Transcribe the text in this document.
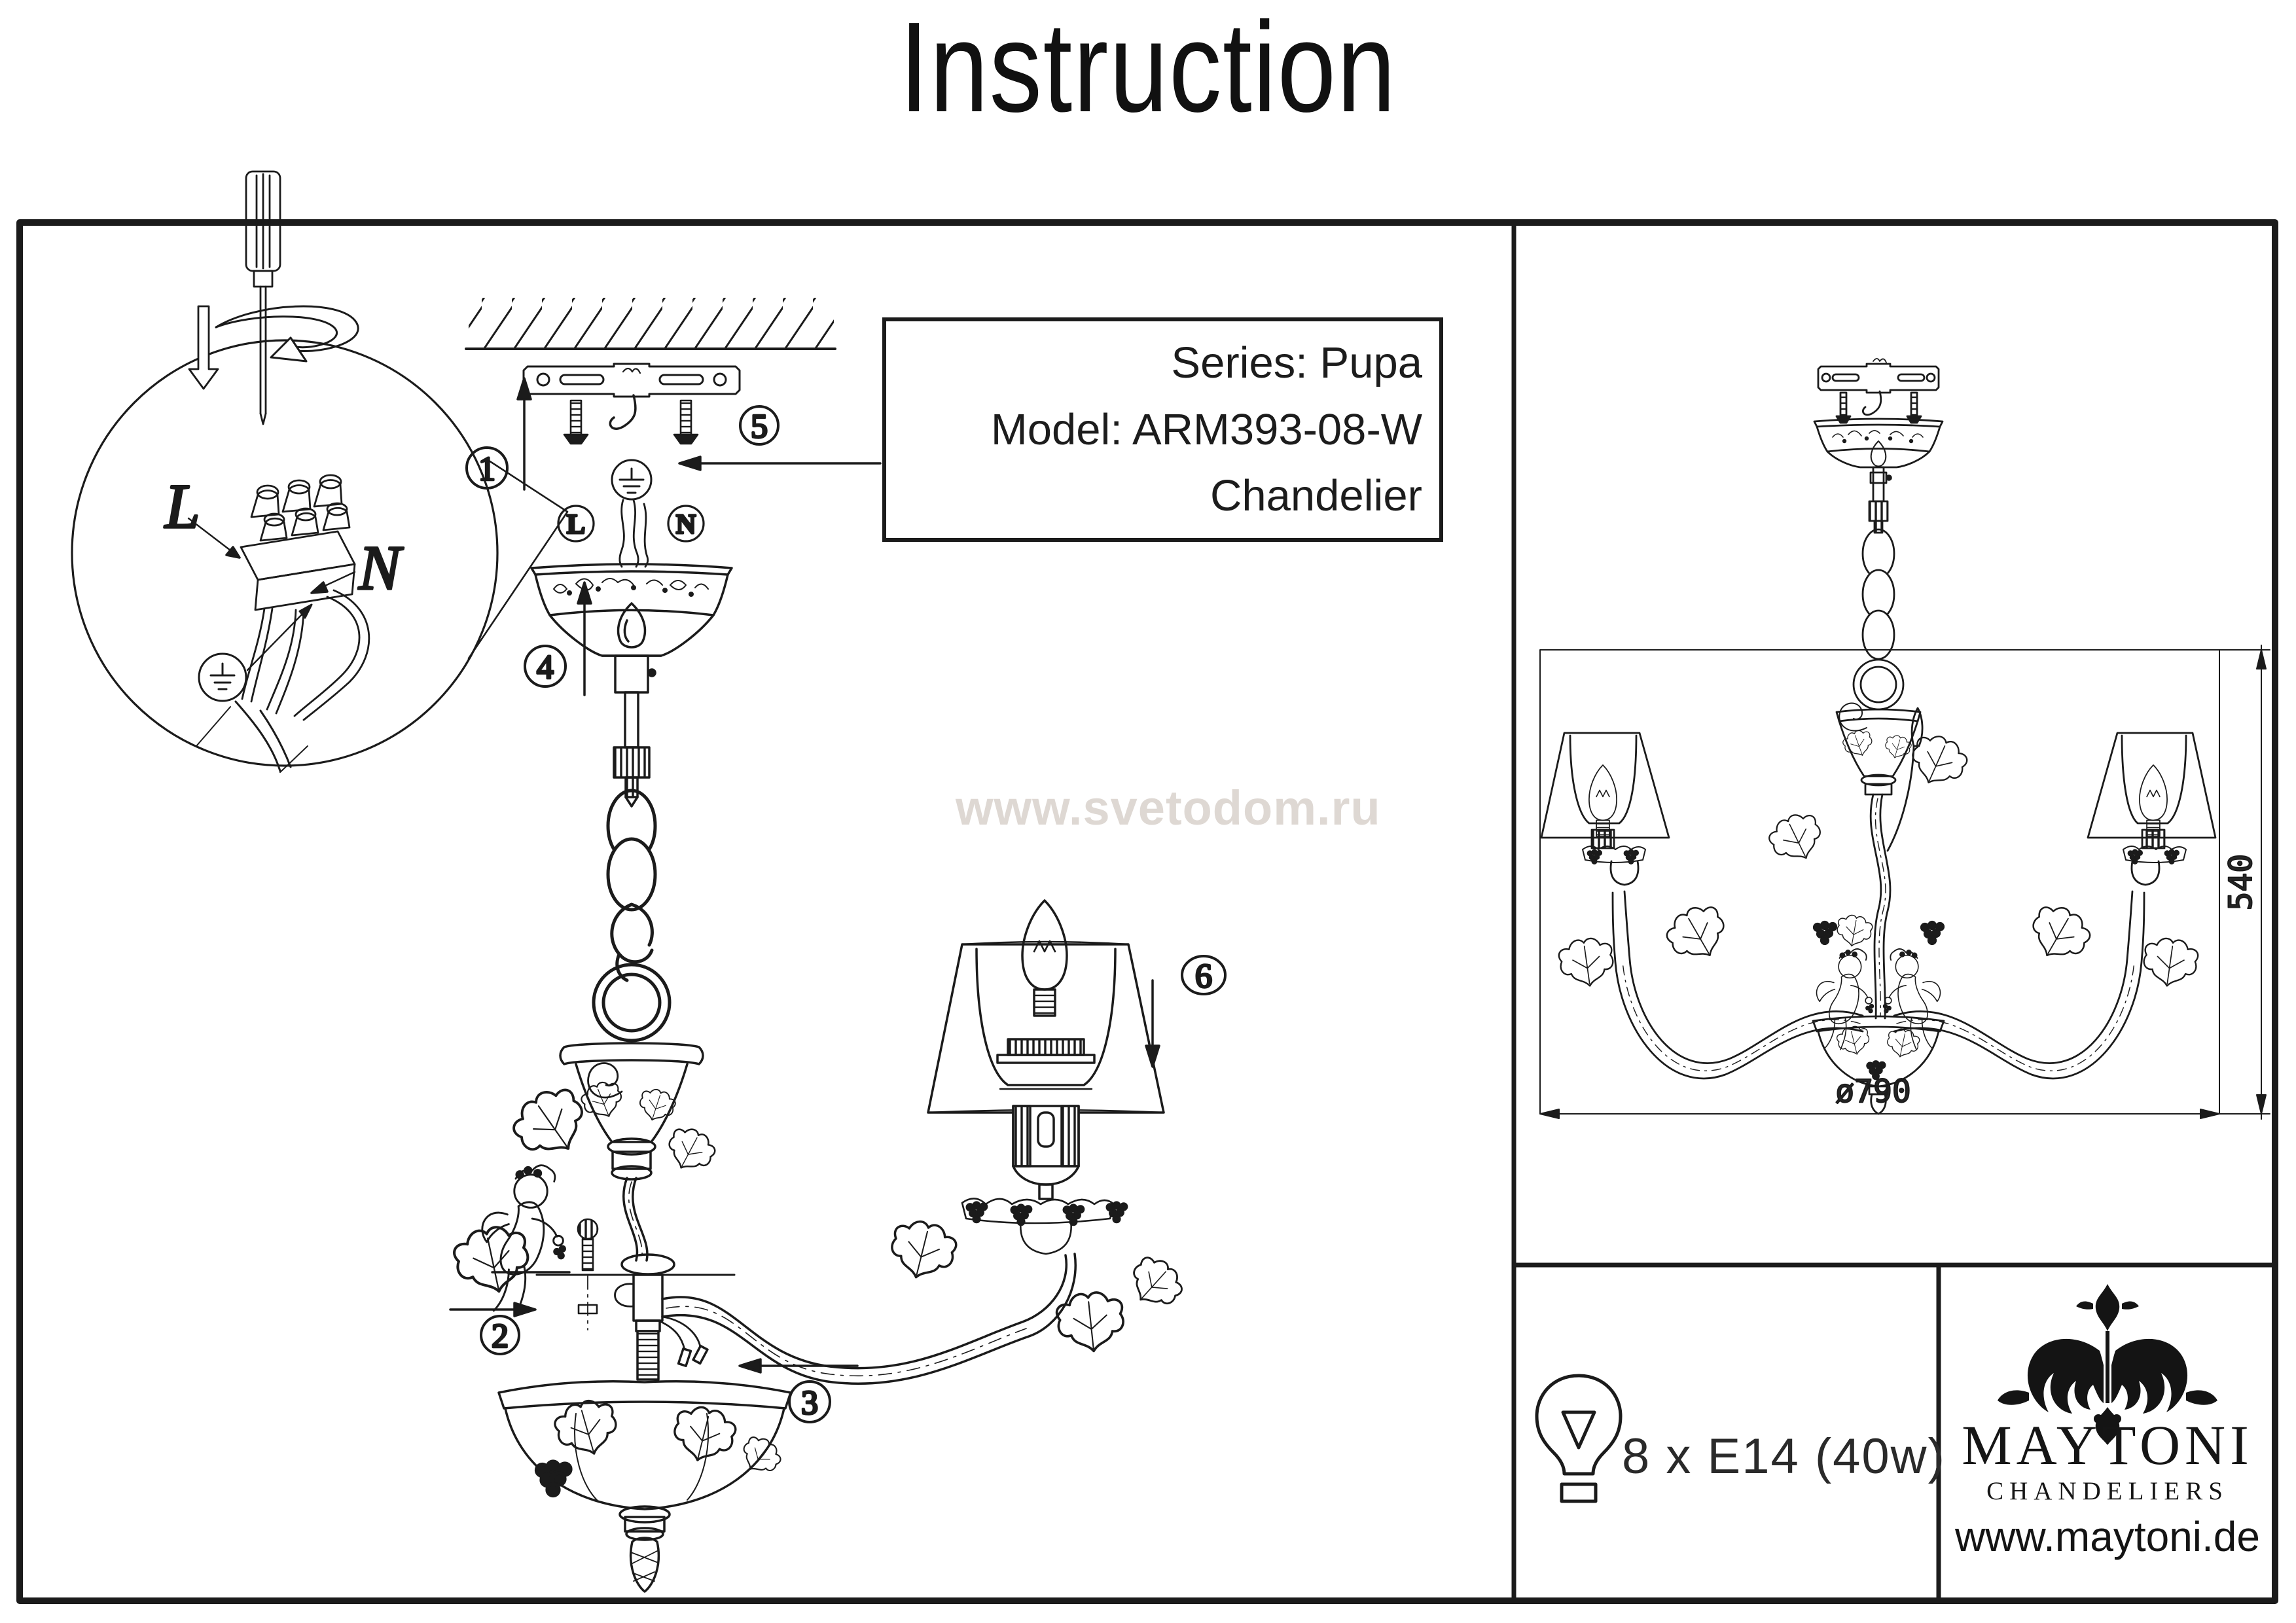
Instruction
L	N
L
N
1
4
5
2
3
6
540
ø790
Series: Pupa
Model: ARM393-08-W
Chandelier
www.svetodom.ru
8 x E14 (40w) MAYTONI
CHANDELIERS
www.maytoni.de
